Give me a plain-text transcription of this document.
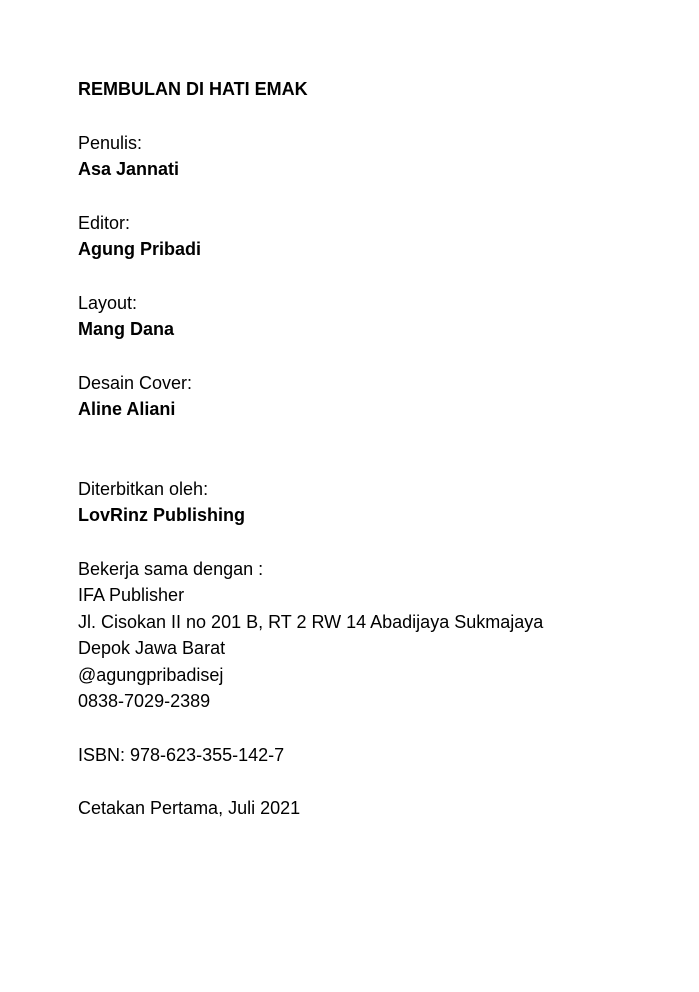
REMBULAN DI HATI EMAK
Penulis:
Asa Jannati
Editor:
Agung Pribadi
Layout:
Mang Dana
Desain Cover:
Aline Aliani
Diterbitkan oleh:
LovRinz Publishing
Bekerja sama dengan :
IFA Publisher
Jl. Cisokan II no 201 B, RT 2 RW 14 Abadijaya Sukmajaya
Depok Jawa Barat
@agungpribadisej
0838-7029-2389
ISBN: 978-623-355-142-7
Cetakan Pertama, Juli 2021
